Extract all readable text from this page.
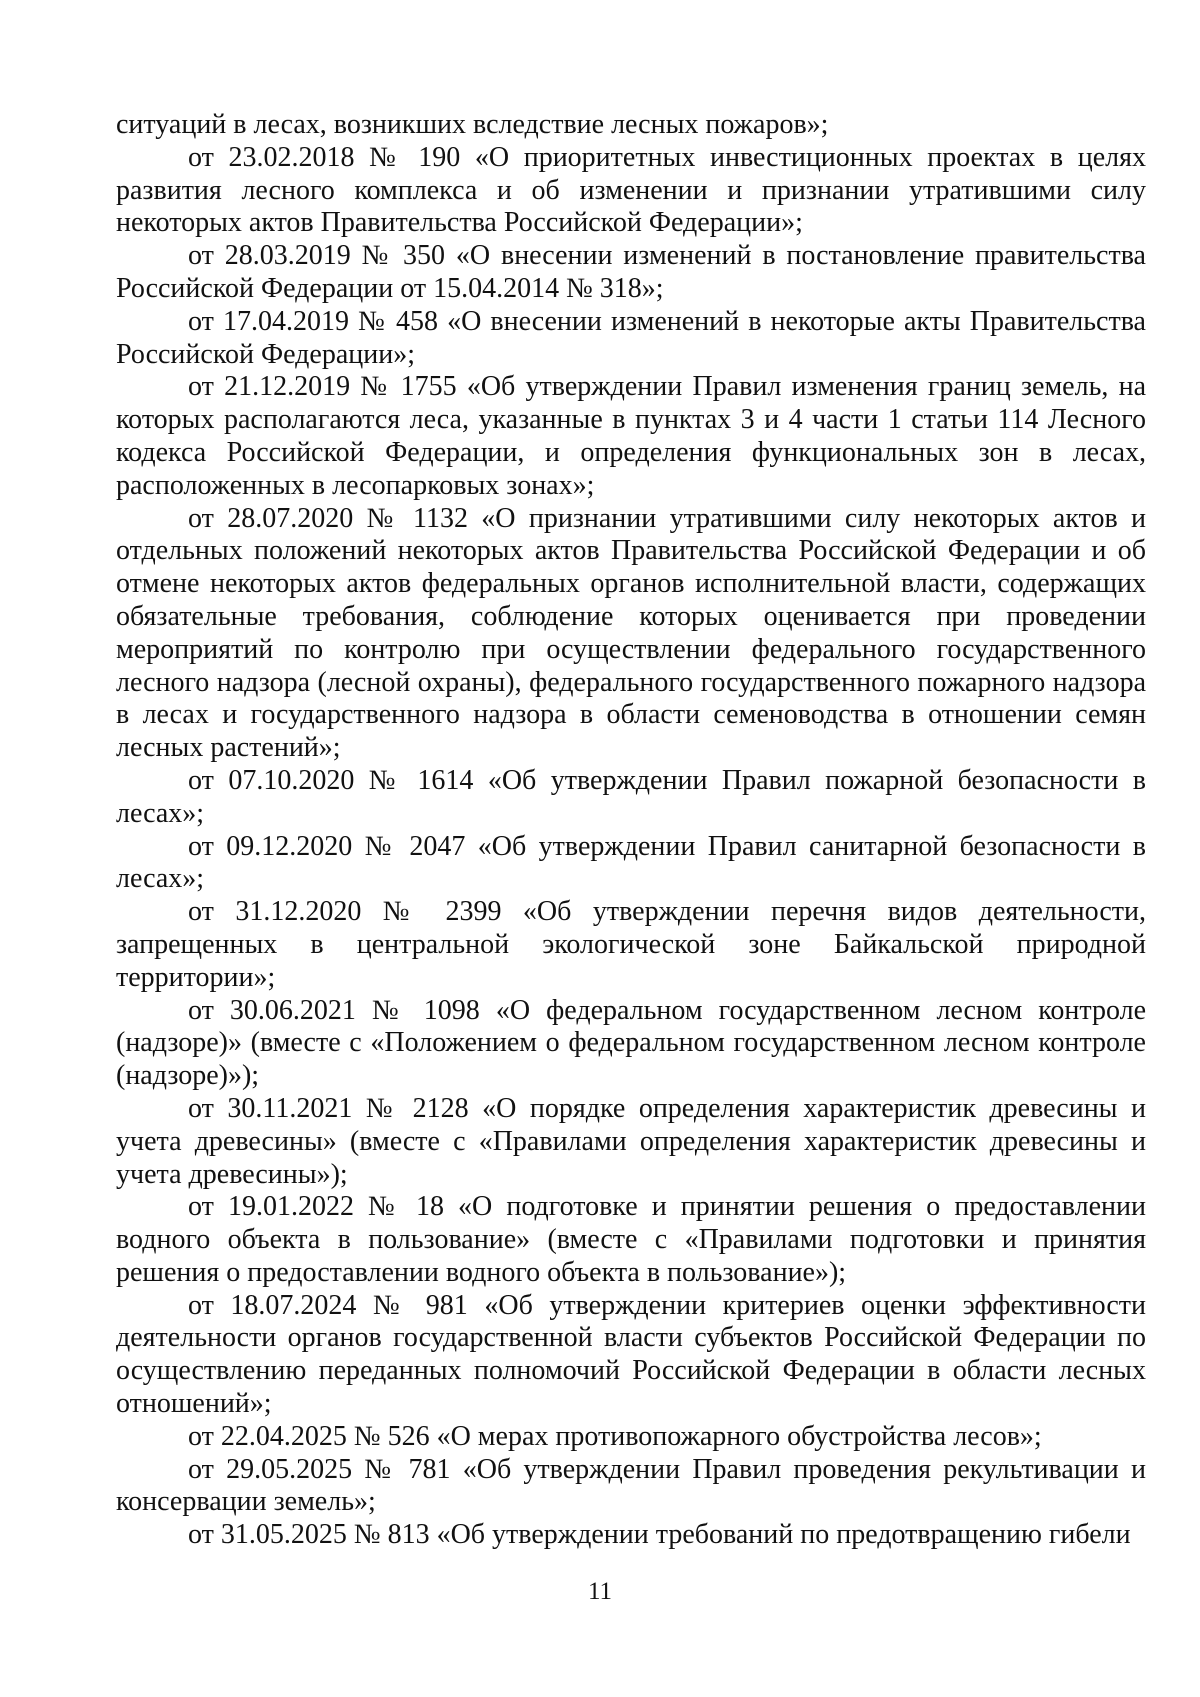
ситуаций в лесах, возникших вследствие лесных пожаров»;

от 23.02.2018 № 190 «О приоритетных инвестиционных проектах в целях развития лесного комплекса и об изменении и признании утратившими силу некоторых актов Правительства Российской Федерации»;

от 28.03.2019 № 350 «О внесении изменений в постановление правительства Российской Федерации от 15.04.2014 № 318»;

от 17.04.2019 № 458 «О внесении изменений в некоторые акты Правительства Российской Федерации»;

от 21.12.2019 № 1755 «Об утверждении Правил изменения границ земель, на которых располагаются леса, указанные в пунктах 3 и 4 части 1 статьи 114 Лесного кодекса Российской Федерации, и определения функциональных зон в лесах, расположенных в лесопарковых зонах»;

от 28.07.2020 № 1132 «О признании утратившими силу некоторых актов и отдельных положений некоторых актов Правительства Российской Федерации и об отмене некоторых актов федеральных органов исполнительной власти, содержащих обязательные требования, соблюдение которых оценивается при проведении мероприятий по контролю при осуществлении федерального государственного лесного надзора (лесной охраны), федерального государственного пожарного надзора в лесах и государственного надзора в области семеноводства в отношении семян лесных растений»;

от 07.10.2020 № 1614 «Об утверждении Правил пожарной безопасности в лесах»;

от 09.12.2020 № 2047 «Об утверждении Правил санитарной безопасности в лесах»;

от 31.12.2020 № 2399 «Об утверждении перечня видов деятельности, запрещенных в центральной экологической зоне Байкальской природной территории»;

от 30.06.2021 № 1098 «О федеральном государственном лесном контроле (надзоре)» (вместе с «Положением о федеральном государственном лесном контроле (надзоре)»);

от 30.11.2021 № 2128 «О порядке определения характеристик древесины и учета древесины» (вместе с «Правилами определения характеристик древесины и учета древесины»);

от 19.01.2022 № 18 «О подготовке и принятии решения о предоставлении водного объекта в пользование» (вместе с «Правилами подготовки и принятия решения о предоставлении водного объекта в пользование»);

от 18.07.2024 № 981 «Об утверждении критериев оценки эффективности деятельности органов государственной власти субъектов Российской Федерации по осуществлению переданных полномочий Российской Федерации в области лесных отношений»;

от 22.04.2025 № 526 «О мерах противопожарного обустройства лесов»;

от 29.05.2025 № 781 «Об утверждении Правил проведения рекультивации и консервации земель»;

от 31.05.2025 № 813 «Об утверждении требований по предотвращению гибели

11
